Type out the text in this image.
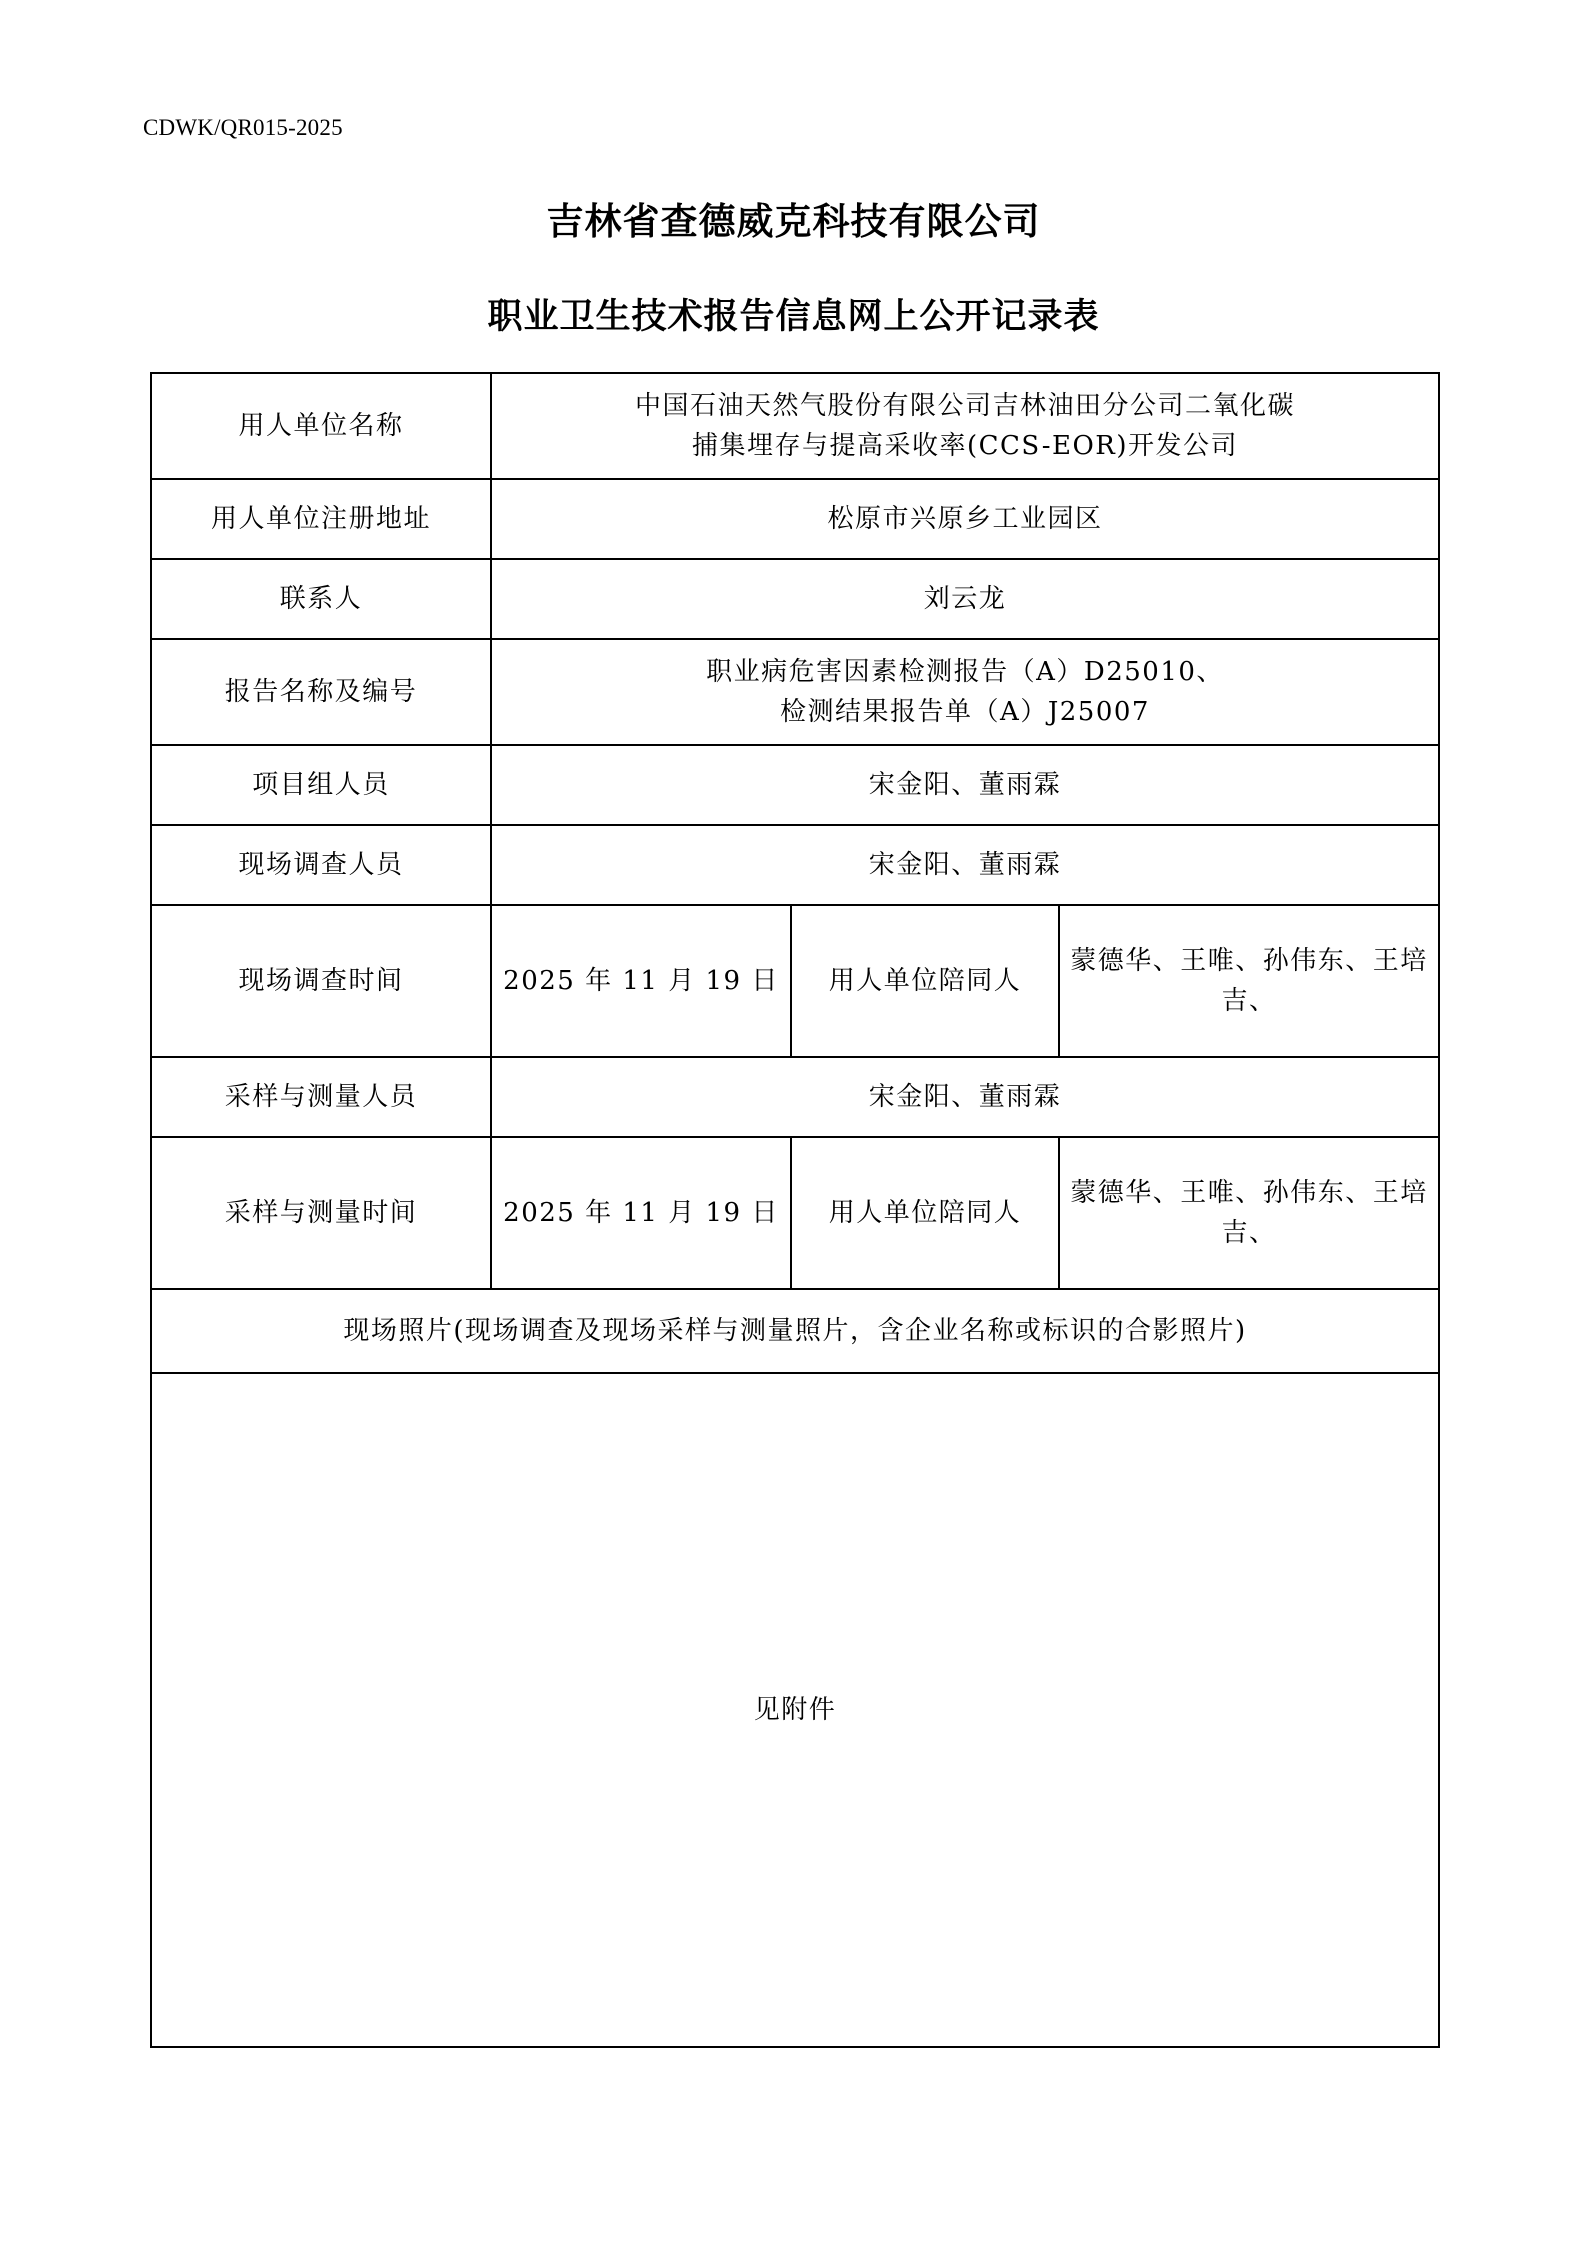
CDWK/QR015-2025
吉林省查德威克科技有限公司
职业卫生技术报告信息网上公开记录表
用人单位名称	中国石油天然气股份有限公司吉林油田分公司二氧化碳
捕集埋存与提高采收率(CCS-EOR)开发公司		

用人单位注册地址	松原市兴原乡工业园区		
联系人	刘云龙		
报告名称及编号	职业病危害因素检测报告（A）D25010、
检测结果报告单（A）J25007		

项目组人员	宋金阳、董雨霖		
现场调查人员	宋金阳、董雨霖		
现场调查时间	2025 年 11 月 19 日	用人单位陪同人	蒙德华、王唯、孙伟东、王培吉、
采样与测量人员	宋金阳、董雨霖		
采样与测量时间	2025 年 11 月 19 日	用人单位陪同人	蒙德华、王唯、孙伟东、王培吉、
现场照片(现场调查及现场采样与测量照片，含企业名称或标识的合影照片)			
见附件			
